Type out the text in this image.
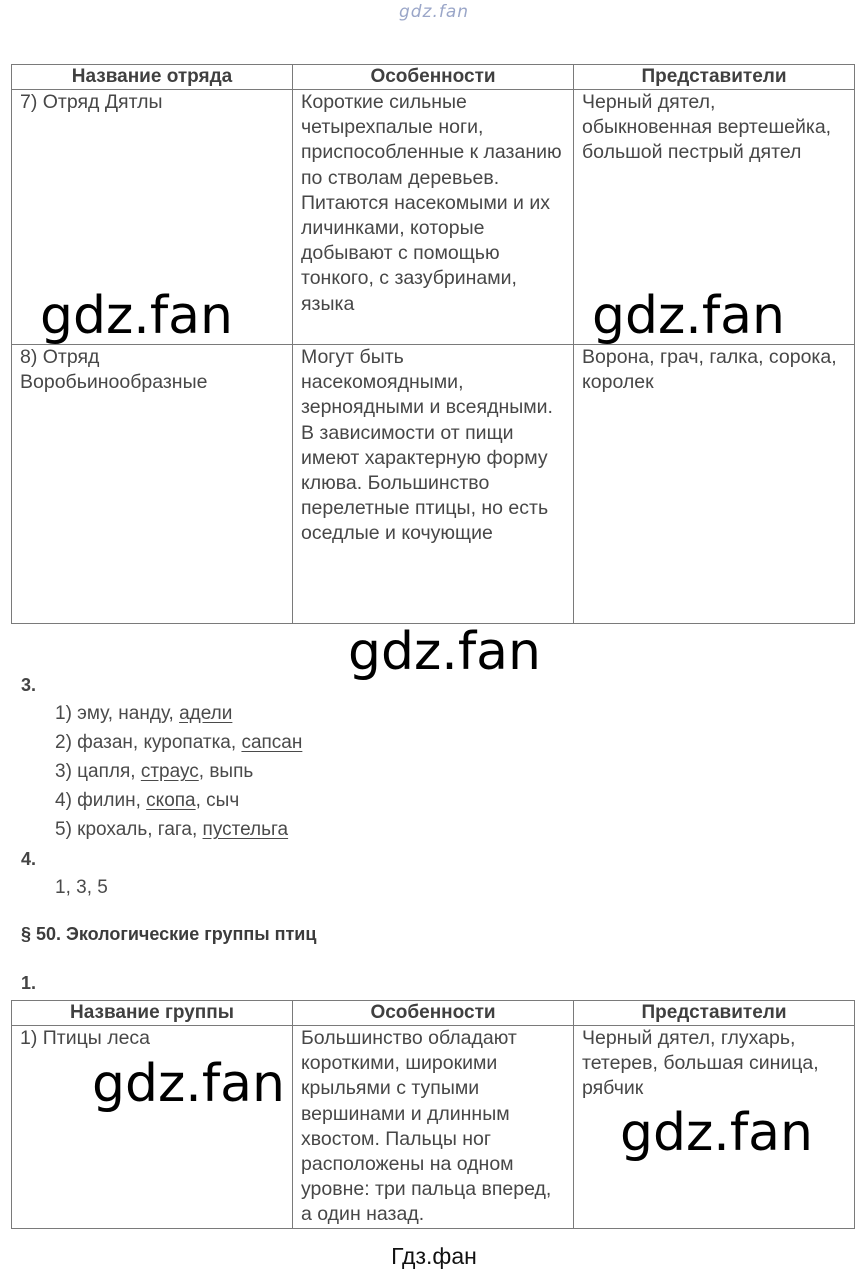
gdz.fan
Название отряда	Особенности	Представители
7) Отряд Дятлы	Короткие сильные четырехпалые ноги, приспособленные к лазанию по стволам деревьев. Питаются насекомыми и их личинками, которые добывают с помощью тонкого, с зазубринами, языка	Черный дятел, обыкновенная вертешейка, большой пестрый дятел
8) Отряд Воробьинообразные	Могут быть насекомоядными, зерноядными и всеядными. В зависимости от пищи имеют характерную форму клюва. Большинство перелетные птицы, но есть оседлые и кочующие	Ворона, грач, галка, сорока, королек
gdz.fan	gdz.fan
gdz.fan
3.
1) эму, нанду, адели
2) фазан, куропатка, сапсан
3) цапля, страус, выпь
4) филин, скопа, сыч
5) крохаль, гага, пустельга
4.
1, 3, 5
§ 50. Экологические группы птиц
1.
Название группы	Особенности	Представители
1) Птицы леса	Большинство обладают короткими, широкими крыльями с тупыми вершинами и длинным хвостом. Пальцы ног расположены на одном уровне: три пальца вперед, а один назад.	Черный дятел, глухарь, тетерев, большая синица, рябчик
gdz.fan
gdz.fan
Гдз.фан
